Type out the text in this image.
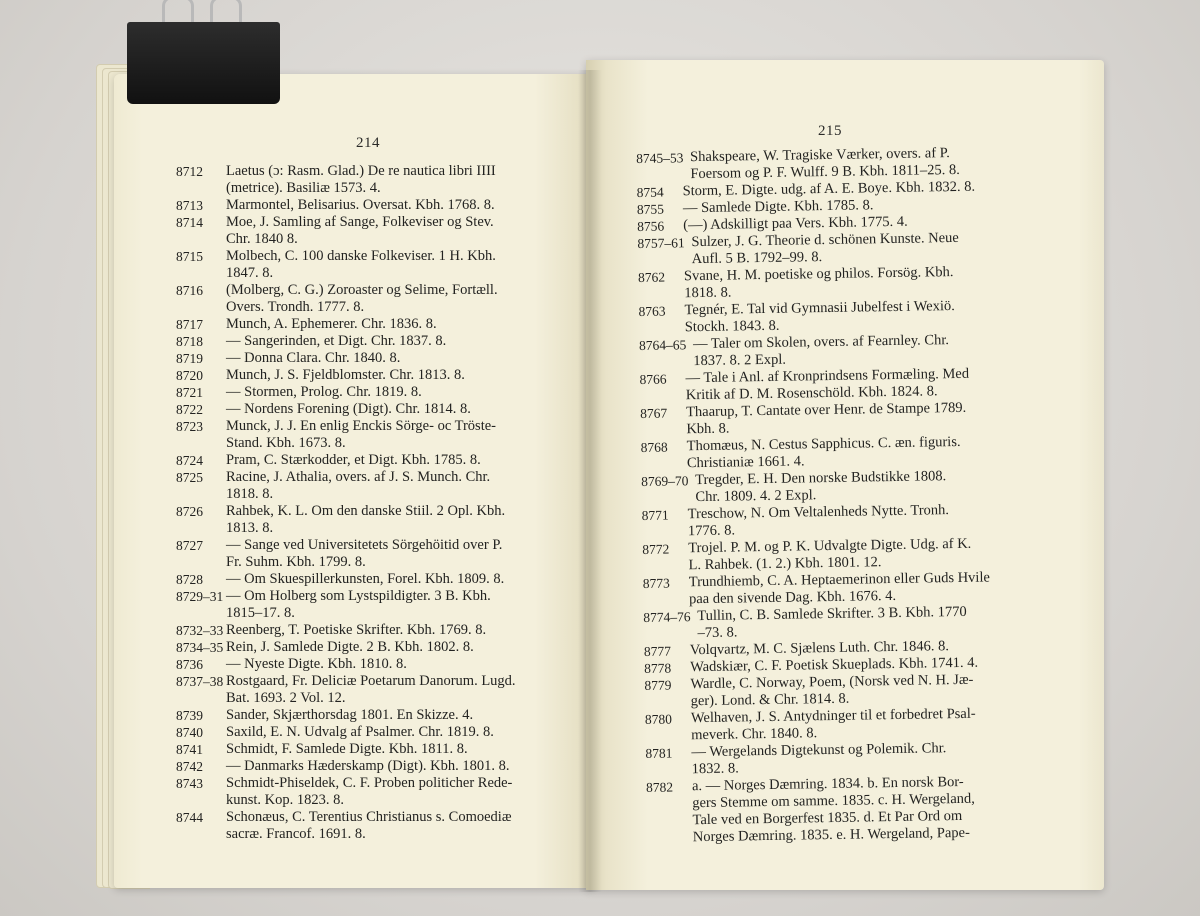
214
215
8712 Laetus (ɔ: Rasm. Glad.) De re nautica libri IIII
(metrice). Basiliæ 1573. 4.
8713 Marmontel, Belisarius. Oversat. Kbh. 1768. 8.
8714 Moe, J. Samling af Sange, Folkeviser og Stev.
Chr. 1840 8.
8715 Molbech, C. 100 danske Folkeviser. 1 H. Kbh.
1847. 8.
8716 (Molberg, C. G.) Zoroaster og Selime, Fortæll.
Overs. Trondh. 1777. 8.
8717 Munch, A. Ephemerer. Chr. 1836. 8.
8718 — Sangerinden, et Digt. Chr. 1837. 8.
8719 — Donna Clara. Chr. 1840. 8.
8720 Munch, J. S. Fjeldblomster. Chr. 1813. 8.
8721 — Stormen, Prolog. Chr. 1819. 8.
8722 — Nordens Forening (Digt). Chr. 1814. 8.
8723 Munck, J. J. En enlig Enckis Sörge- oc Tröste-
Stand. Kbh. 1673. 8.
8724 Pram, C. Stærkodder, et Digt. Kbh. 1785. 8.
8725 Racine, J. Athalia, overs. af J. S. Munch. Chr.
1818. 8.
8726 Rahbek, K. L. Om den danske Stiil. 2 Opl. Kbh.
1813. 8.
8727 — Sange ved Universitetets Sörgehöitid over P.
Fr. Suhm. Kbh. 1799. 8.
8728 — Om Skuespillerkunsten, Forel. Kbh. 1809. 8.
8729–31 — Om Holberg som Lystspildigter. 3 B. Kbh.
1815–17. 8.
8732–33 Reenberg, T. Poetiske Skrifter. Kbh. 1769. 8.
8734–35 Rein, J. Samlede Digte. 2 B. Kbh. 1802. 8.
8736 — Nyeste Digte. Kbh. 1810. 8.
8737–38 Rostgaard, Fr. Deliciæ Poetarum Danorum. Lugd.
Bat. 1693. 2 Vol. 12.
8739 Sander, Skjærthorsdag 1801. En Skizze. 4.
8740 Saxild, E. N. Udvalg af Psalmer. Chr. 1819. 8.
8741 Schmidt, F. Samlede Digte. Kbh. 1811. 8.
8742 — Danmarks Hæderskamp (Digt). Kbh. 1801. 8.
8743 Schmidt-Phiseldek, C. F. Proben politicher Rede-
kunst. Kop. 1823. 8.
8744 Schonæus, C. Terentius Christianus s. Comoediæ
sacræ. Francof. 1691. 8.
8745–53 Shakspeare, W. Tragiske Værker, overs. af P.
Foersom og P. F. Wulff. 9 B. Kbh. 1811–25. 8.
8754 Storm, E. Digte. udg. af A. E. Boye. Kbh. 1832. 8.
8755 — Samlede Digte. Kbh. 1785. 8.
8756 (—) Adskilligt paa Vers. Kbh. 1775. 4.
8757–61 Sulzer, J. G. Theorie d. schönen Kunste. Neue
Aufl. 5 B. 1792–99. 8.
8762 Svane, H. M. poetiske og philos. Forsög. Kbh.
1818. 8.
8763 Tegnér, E. Tal vid Gymnasii Jubelfest i Wexiö.
Stockh. 1843. 8.
8764–65 — Taler om Skolen, overs. af Fearnley. Chr.
1837. 8. 2 Expl.
8766 — Tale i Anl. af Kronprindsens Formæling. Med
Kritik af D. M. Rosenschöld. Kbh. 1824. 8.
8767 Thaarup, T. Cantate over Henr. de Stampe 1789.
Kbh. 8.
8768 Thomæus, N. Cestus Sapphicus. C. æn. figuris.
Christianiæ 1661. 4.
8769–70 Tregder, E. H. Den norske Budstikke 1808.
Chr. 1809. 4. 2 Expl.
8771 Treschow, N. Om Veltalenheds Nytte. Tronh.
1776. 8.
8772 Trojel. P. M. og P. K. Udvalgte Digte. Udg. af K.
L. Rahbek. (1. 2.) Kbh. 1801. 12.
8773 Trundhiemb, C. A. Heptaemerinon eller Guds Hvile
paa den sivende Dag. Kbh. 1676. 4.
8774–76 Tullin, C. B. Samlede Skrifter. 3 B. Kbh. 1770
–73. 8.
8777 Volqvartz, M. C. Sjælens Luth. Chr. 1846. 8.
8778 Wadskiær, C. F. Poetisk Skueplads. Kbh. 1741. 4.
8779 Wardle, C. Norway, Poem, (Norsk ved N. H. Jæ-
ger). Lond. & Chr. 1814. 8.
8780 Welhaven, J. S. Antydninger til et forbedret Psal-
meverk. Chr. 1840. 8.
8781 — Wergelands Digtekunst og Polemik. Chr.
1832. 8.
8782 a. — Norges Dæmring. 1834. b. En norsk Bor-
gers Stemme om samme. 1835. c. H. Wergeland,
Tale ved en Borgerfest 1835. d. Et Par Ord om
Norges Dæmring. 1835. e. H. Wergeland, Pape-
